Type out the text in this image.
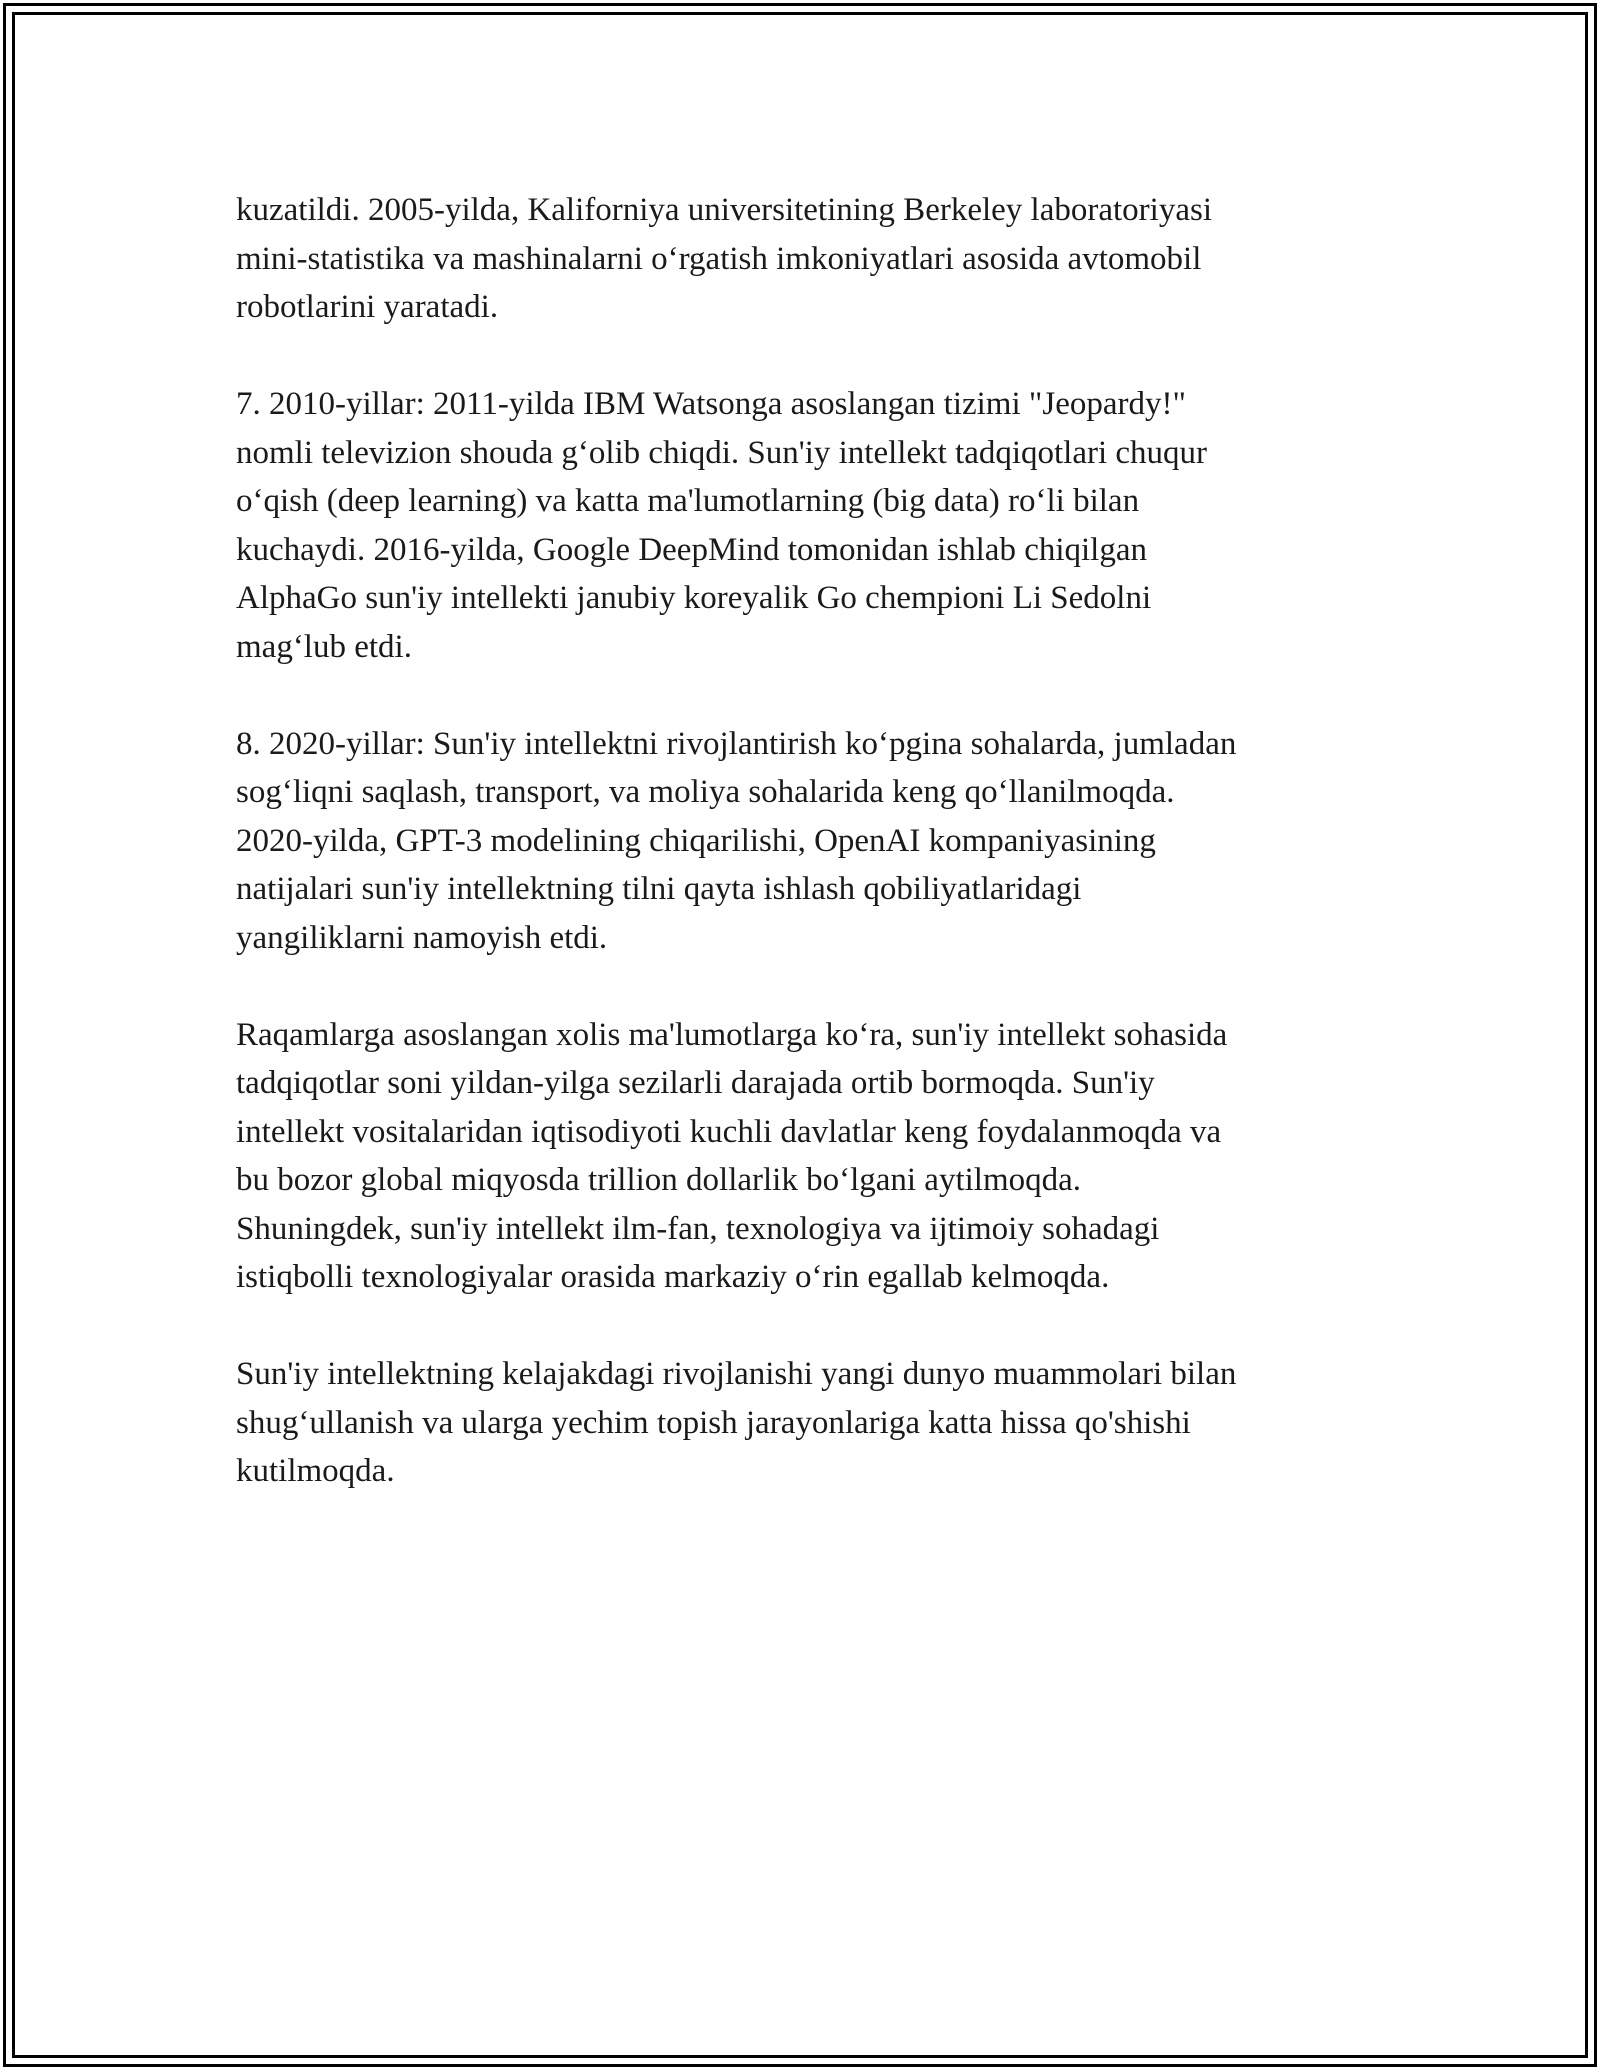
kuzatildi. 2005-yilda, Kaliforniya universitetining Berkeley laboratoriyasi
mini-statistika va mashinalarni o‘rgatish imkoniyatlari asosida avtomobil
robotlarini yaratadi.

7. 2010-yillar: 2011-yilda IBM Watsonga asoslangan tizimi "Jeopardy!"
nomli televizion shouda g‘olib chiqdi. Sun'iy intellekt tadqiqotlari chuqur
o‘qish (deep learning) va katta ma'lumotlarning (big data) ro‘li bilan
kuchaydi. 2016-yilda, Google DeepMind tomonidan ishlab chiqilgan
AlphaGo sun'iy intellekti janubiy koreyalik Go chempioni Li Sedolni
mag‘lub etdi.

8. 2020-yillar: Sun'iy intellektni rivojlantirish ko‘pgina sohalarda, jumladan
sog‘liqni saqlash, transport, va moliya sohalarida keng qo‘llanilmoqda.
2020-yilda, GPT-3 modelining chiqarilishi, OpenAI kompaniyasining
natijalari sun'iy intellektning tilni qayta ishlash qobiliyatlaridagi
yangiliklarni namoyish etdi.

Raqamlarga asoslangan xolis ma'lumotlarga ko‘ra, sun'iy intellekt sohasida
tadqiqotlar soni yildan-yilga sezilarli darajada ortib bormoqda. Sun'iy
intellekt vositalaridan iqtisodiyoti kuchli davlatlar keng foydalanmoqda va
bu bozor global miqyosda trillion dollarlik bo‘lgani aytilmoqda.
Shuningdek, sun'iy intellekt ilm-fan, texnologiya va ijtimoiy sohadagi
istiqbolli texnologiyalar orasida markaziy o‘rin egallab kelmoqda.

Sun'iy intellektning kelajakdagi rivojlanishi yangi dunyo muammolari bilan
shug‘ullanish va ularga yechim topish jarayonlariga katta hissa qo'shishi
kutilmoqda.
